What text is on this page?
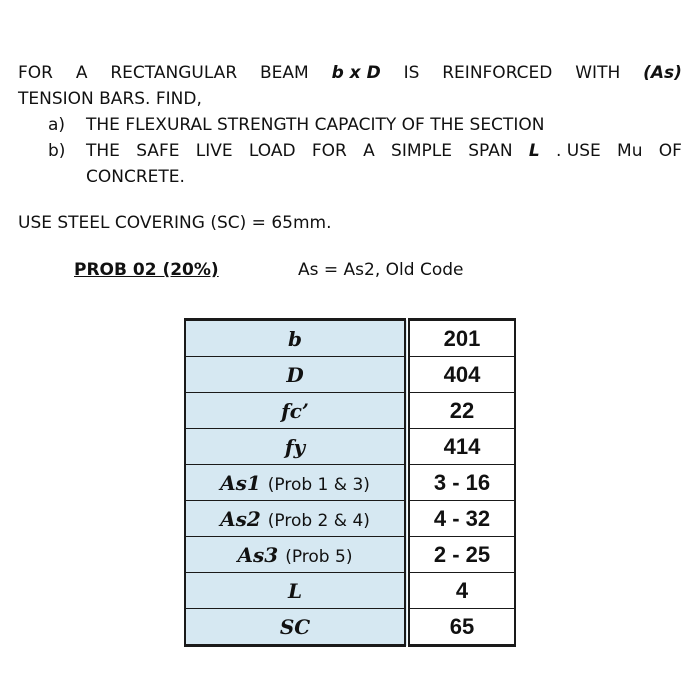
FOR A RECTANGULAR BEAM b x D IS REINFORCED WITH (As)
TENSION BARS. FIND,
a)	THE FLEXURAL STRENGTH CAPACITY OF THE SECTION
b)	THE SAFE LIVE LOAD FOR A SIMPLE SPAN L . USE Mu OF
CONCRETE.
USE STEEL COVERING (SC) = 65mm.
PROB 02 (20%)	As = As2, Old Code
b	201
D	404
fc’	22
fy	414
As1 (Prob 1 & 3)	3 - 16
As2 (Prob 2 & 4)	4 - 32
As3 (Prob 5)	2 - 25
L	4
SC	65
